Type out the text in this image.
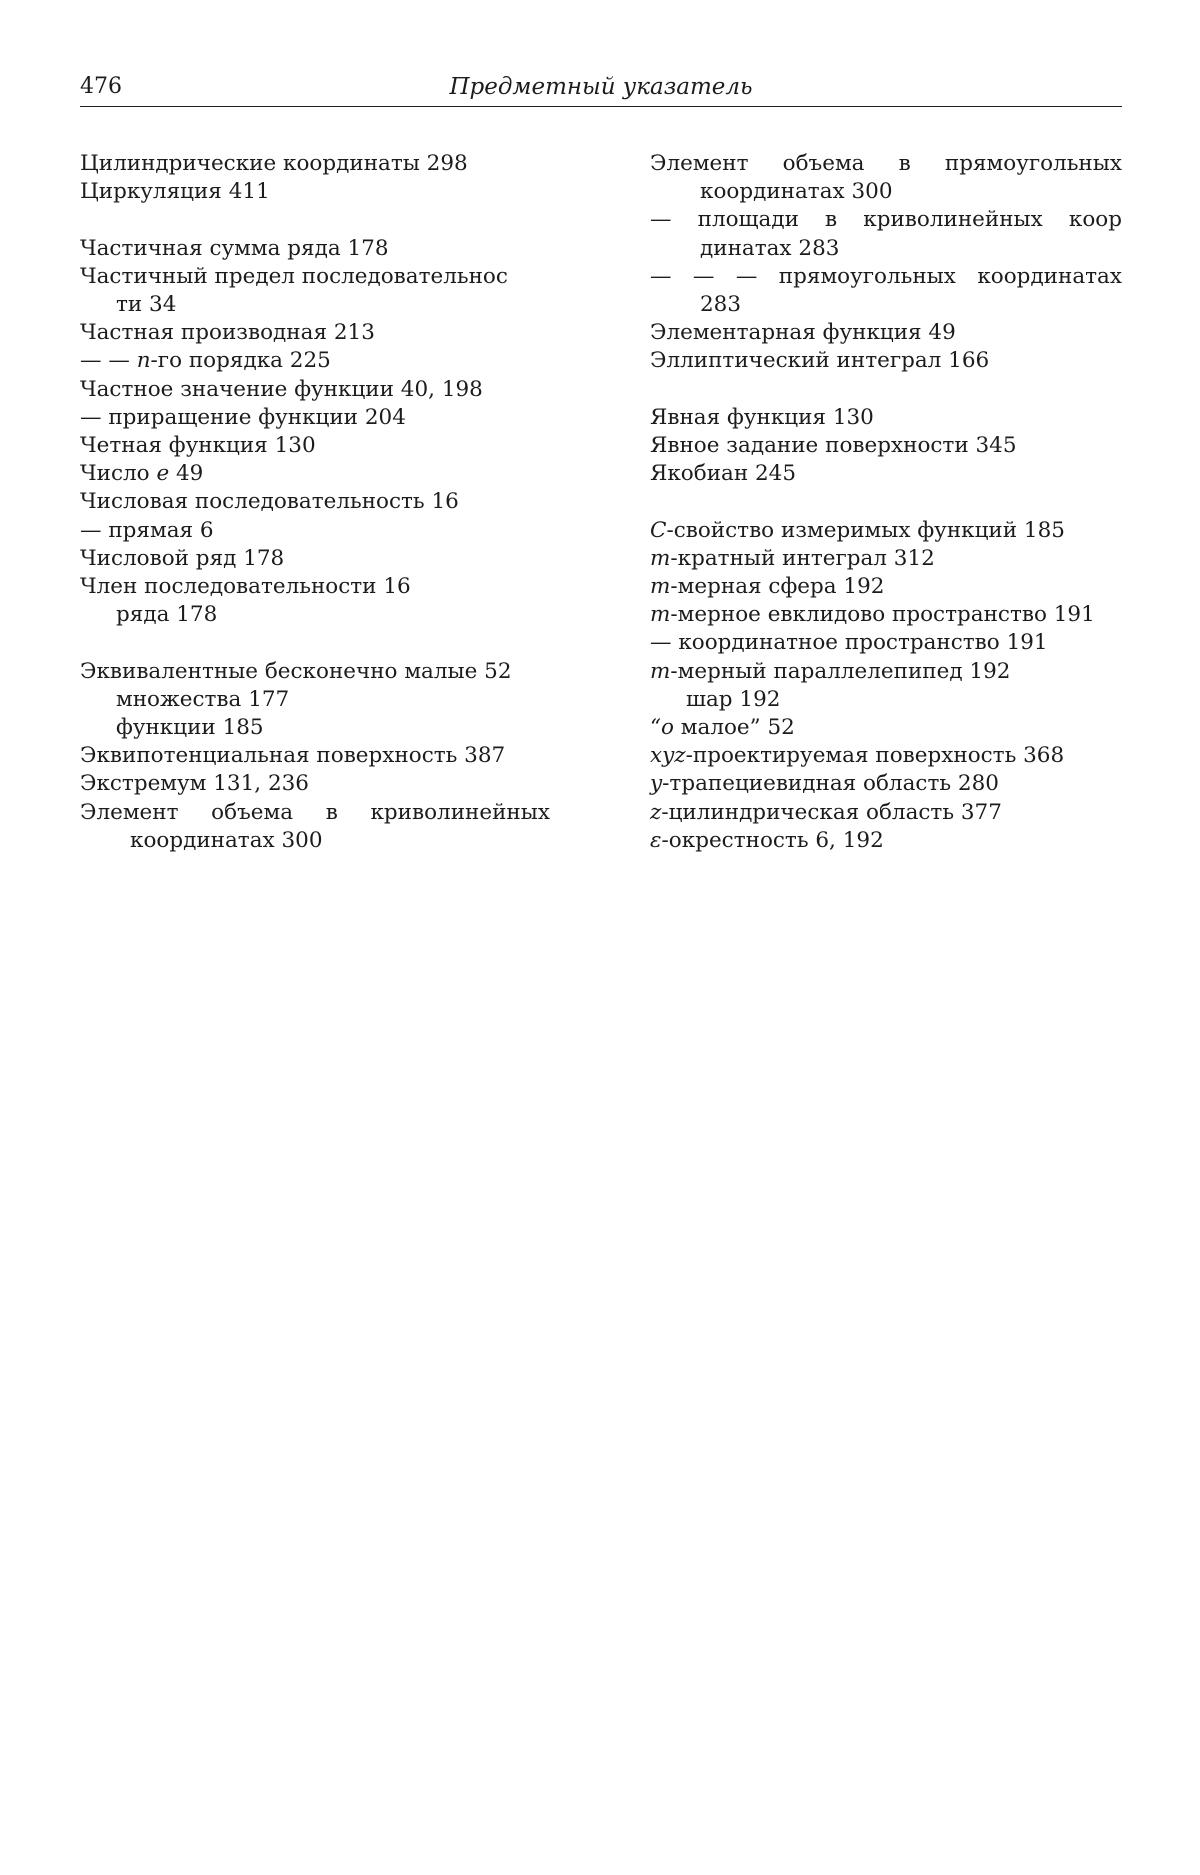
476	Предметный указатель
Цилиндрические координаты 298
Циркуляция 411
Частичная сумма ряда 178
Частичный предел последовательнос
ти 34
Частная производная 213
— — n-го порядка 225
Частное значение функции 40, 198
— приращение функции 204
Четная функция 130
Число e 49
Числовая последовательность 16
— прямая 6
Числовой ряд 178
Член последовательности 16
ряда 178
Эквивалентные бесконечно малые 52
множества 177
функции 185
Эквипотенциальная поверхность 387
Экстремум 131, 236
Элемент объема в криволинейных
координатах 300
Элемент объема в прямоугольных
координатах 300
— площади в криволинейных коор
динатах 283
— — — прямоугольных координатах
283
Элементарная функция 49
Эллиптический интеграл 166
Явная функция 130
Явное задание поверхности 345
Якобиан 245
C-свойство измеримых функций 185
m-кратный интеграл 312
m-мерная сфера 192
m-мерное евклидово пространство 191
— координатное пространство 191
m-мерный параллелепипед 192
шар 192
“o малое” 52
xyz-проектируемая поверхность 368
y-трапециевидная область 280
z-цилиндрическая область 377
ε-окрестность 6, 192
